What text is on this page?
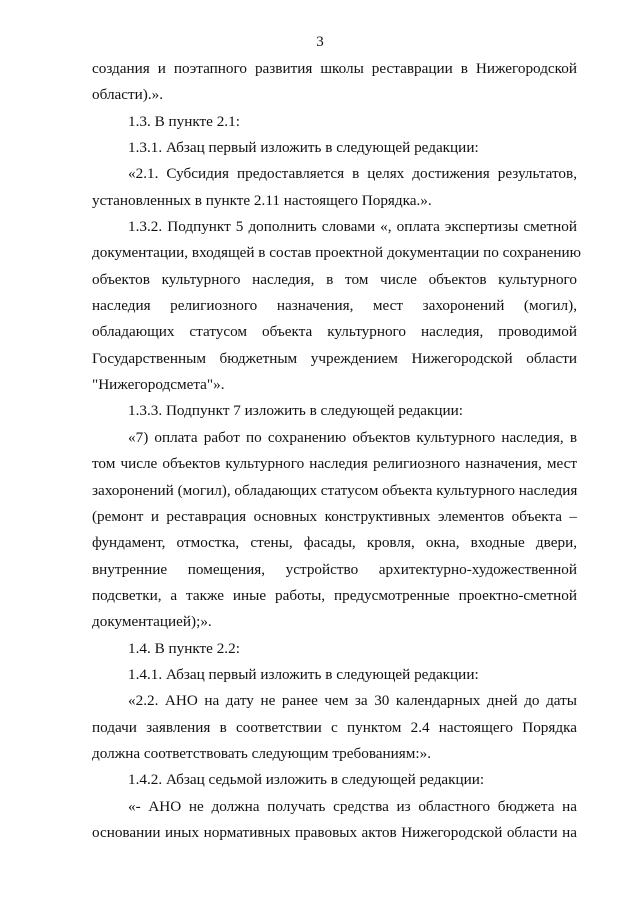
3
создания и поэтапного развития школы реставрации в Нижегородской
области).».
1.3. В пункте 2.1:
1.3.1. Абзац первый изложить в следующей редакции:
«2.1. Субсидия предоставляется в целях достижения результатов,
установленных в пункте 2.11 настоящего Порядка.».
1.3.2. Подпункт 5 дополнить словами «, оплата экспертизы сметной
документации, входящей в состав проектной документации по сохранению
объектов культурного наследия, в том числе объектов культурного
наследия религиозного назначения, мест захоронений (могил),
обладающих статусом объекта культурного наследия, проводимой
Государственным бюджетным учреждением Нижегородской области
"Нижегородсмета"».
1.3.3. Подпункт 7 изложить в следующей редакции:
«7) оплата работ по сохранению объектов культурного наследия, в
том числе объектов культурного наследия религиозного назначения, мест
захоронений (могил), обладающих статусом объекта культурного наследия
(ремонт и реставрация основных конструктивных элементов объекта –
фундамент, отмостка, стены, фасады, кровля, окна, входные двери,
внутренние помещения, устройство архитектурно-художественной
подсветки, а также иные работы, предусмотренные проектно-сметной
документацией);».
1.4. В пункте 2.2:
1.4.1. Абзац первый изложить в следующей редакции:
«2.2. АНО на дату не ранее чем за 30 календарных дней до даты
подачи заявления в соответствии с пунктом 2.4 настоящего Порядка
должна соответствовать следующим требованиям:».
1.4.2. Абзац седьмой изложить в следующей редакции:
«- АНО не должна получать средства из областного бюджета на
основании иных нормативных правовых актов Нижегородской области на
